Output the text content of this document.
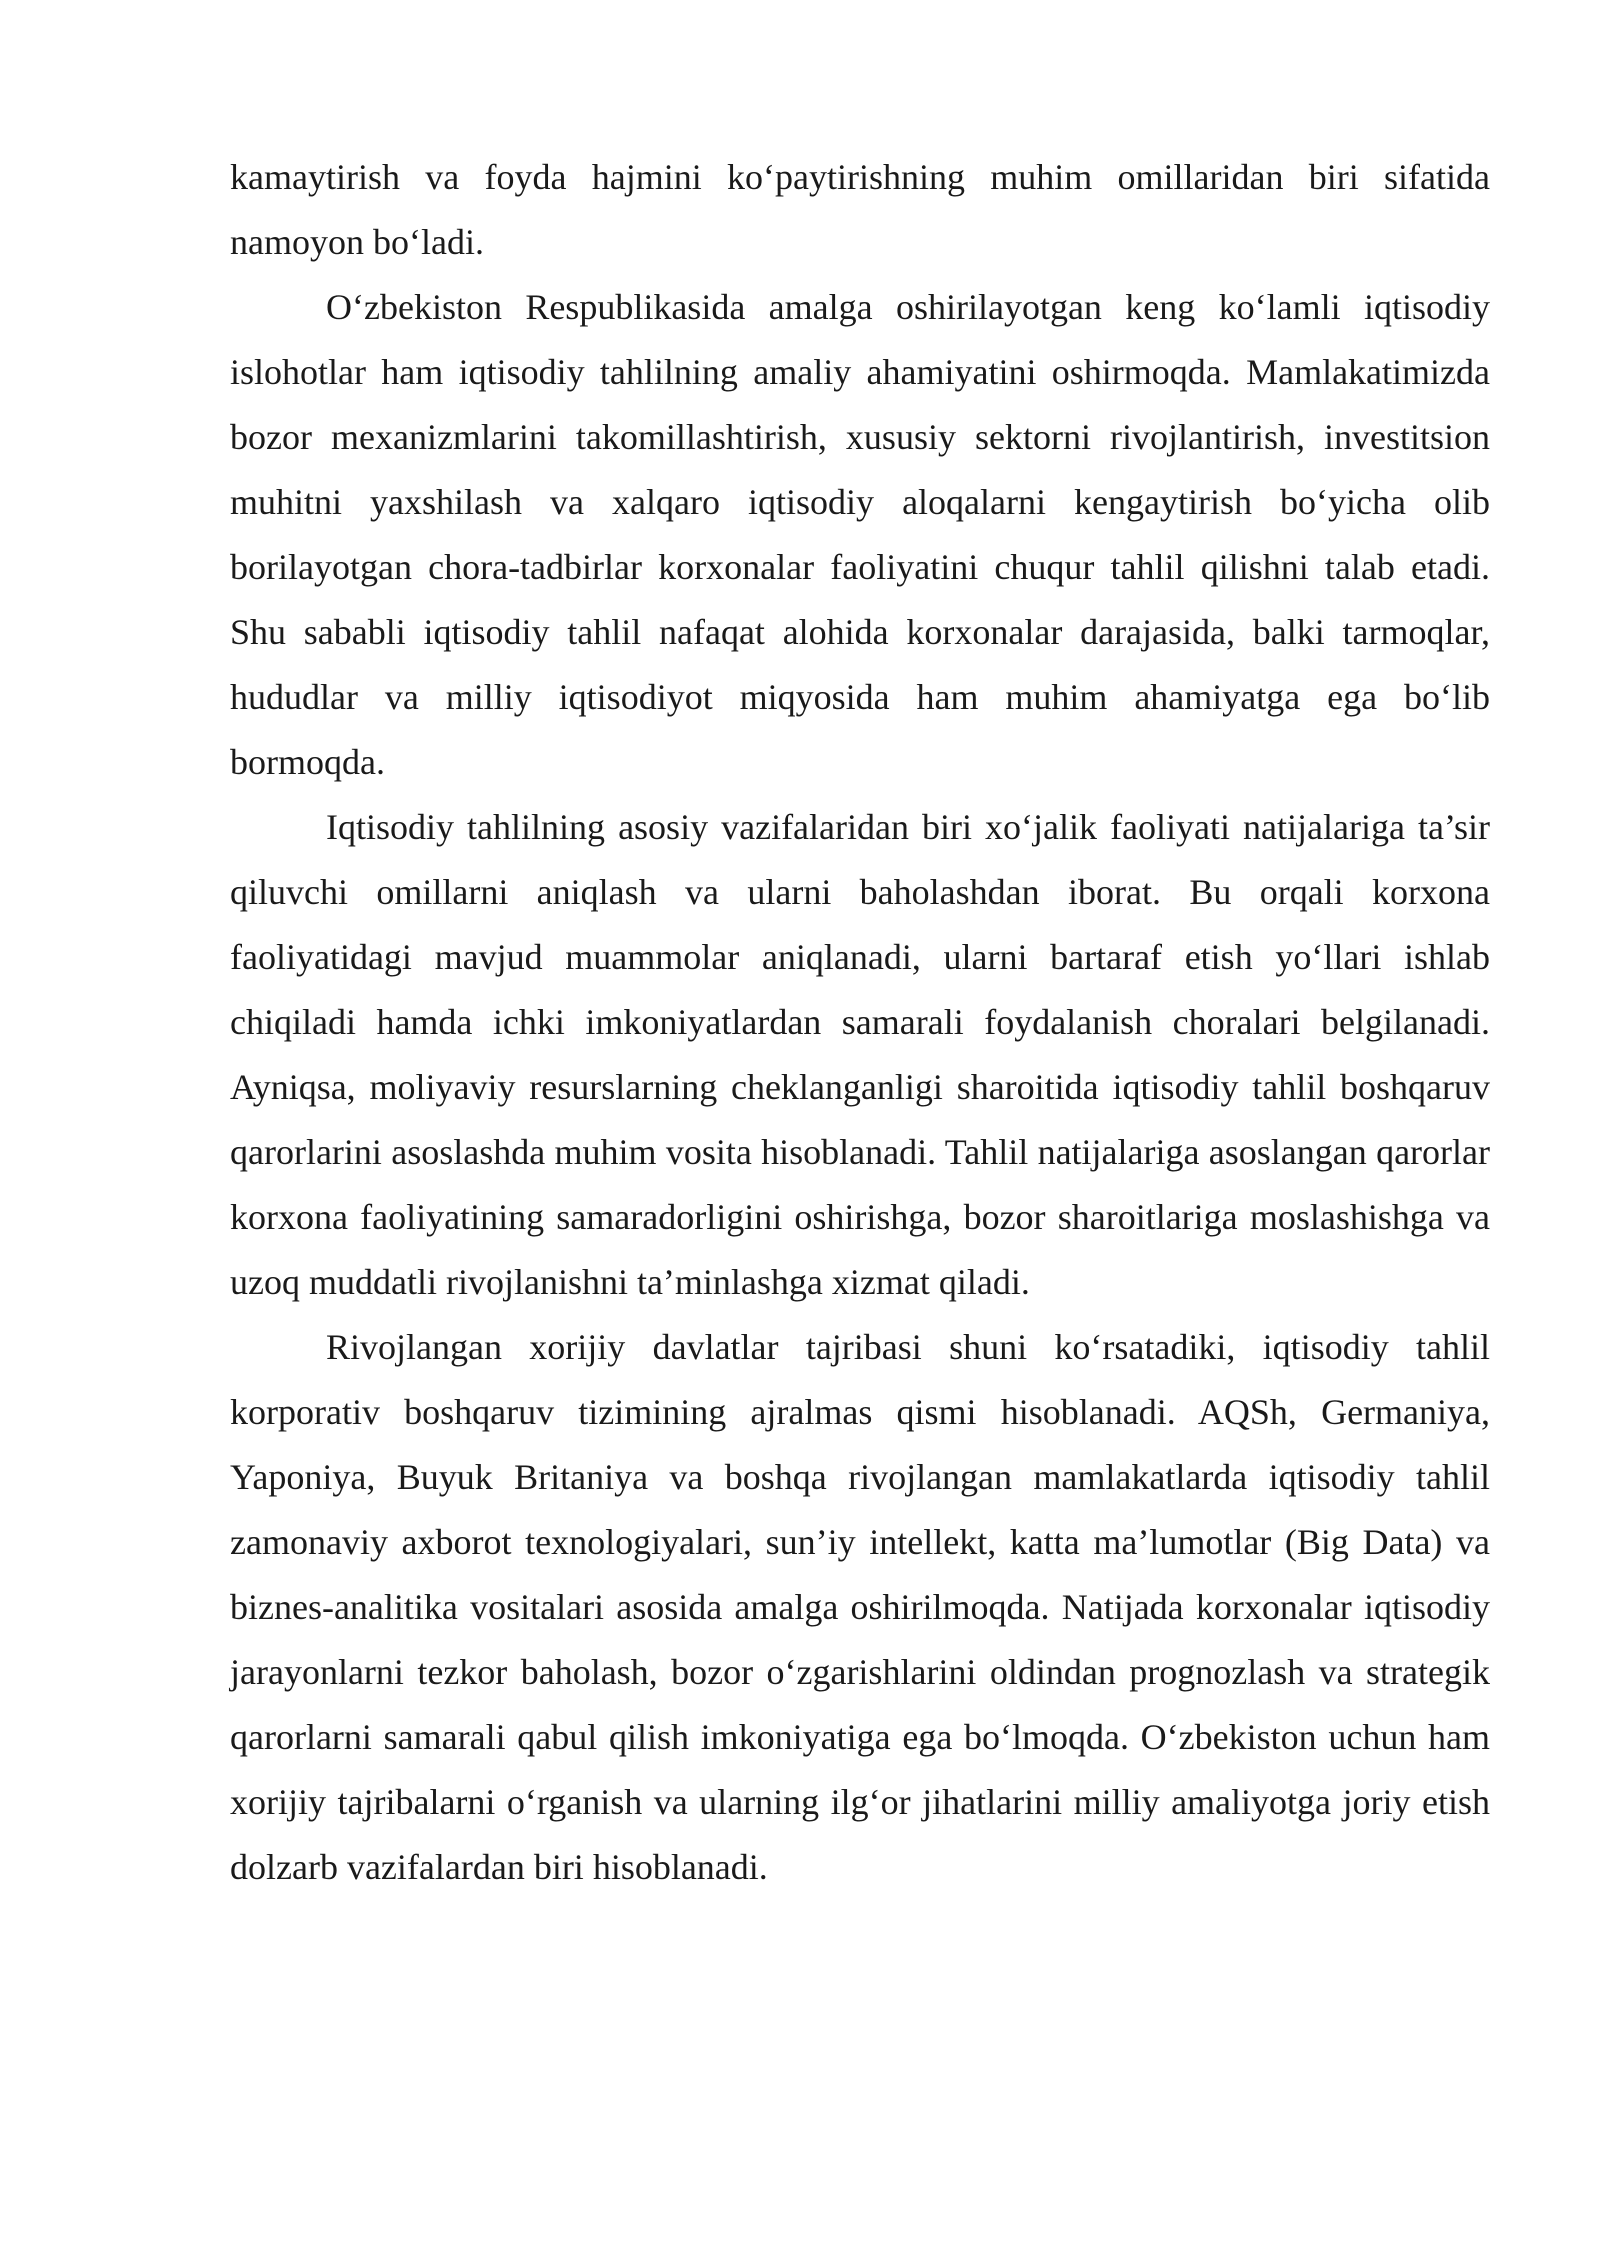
kamaytirish va foyda hajmini ko‘paytirishning muhim omillaridan biri sifatida namoyon bo‘ladi.

O‘zbekiston Respublikasida amalga oshirilayotgan keng ko‘lamli iqtisodiy islohotlar ham iqtisodiy tahlilning amaliy ahamiyatini oshirmoqda. Mamlakatimizda bozor mexanizmlarini takomillashtirish, xususiy sektorni rivojlantirish, investitsion muhitni yaxshilash va xalqaro iqtisodiy aloqalarni kengaytirish bo‘yicha olib borilayotgan chora-tadbirlar korxonalar faoliyatini chuqur tahlil qilishni talab etadi. Shu sababli iqtisodiy tahlil nafaqat alohida korxonalar darajasida, balki tarmoqlar, hududlar va milliy iqtisodiyot miqyosida ham muhim ahamiyatga ega bo‘lib bormoqda.

Iqtisodiy tahlilning asosiy vazifalaridan biri xo‘jalik faoliyati natijalariga ta’sir qiluvchi omillarni aniqlash va ularni baholashdan iborat. Bu orqali korxona faoliyatidagi mavjud muammolar aniqlanadi, ularni bartaraf etish yo‘llari ishlab chiqiladi hamda ichki imkoniyatlardan samarali foydalanish choralari belgilanadi. Ayniqsa, moliyaviy resurslarning cheklanganligi sharoitida iqtisodiy tahlil boshqaruv qarorlarini asoslashda muhim vosita hisoblanadi. Tahlil natijalariga asoslangan qarorlar korxona faoliyatining samaradorligini oshirishga, bozor sharoitlariga moslashishga va uzoq muddatli rivojlanishni ta’minlashga xizmat qiladi.

Rivojlangan xorijiy davlatlar tajribasi shuni ko‘rsatadiki, iqtisodiy tahlil korporativ boshqaruv tizimining ajralmas qismi hisoblanadi. AQSh, Germaniya, Yaponiya, Buyuk Britaniya va boshqa rivojlangan mamlakatlarda iqtisodiy tahlil zamonaviy axborot texnologiyalari, sun’iy intellekt, katta ma’lumotlar (Big Data) va biznes-analitika vositalari asosida amalga oshirilmoqda. Natijada korxonalar iqtisodiy jarayonlarni tezkor baholash, bozor o‘zgarishlarini oldindan prognozlash va strategik qarorlarni samarali qabul qilish imkoniyatiga ega bo‘lmoqda. O‘zbekiston uchun ham xorijiy tajribalarni o‘rganish va ularning ilg‘or jihatlarini milliy amaliyotga joriy etish dolzarb vazifalardan biri hisoblanadi.
